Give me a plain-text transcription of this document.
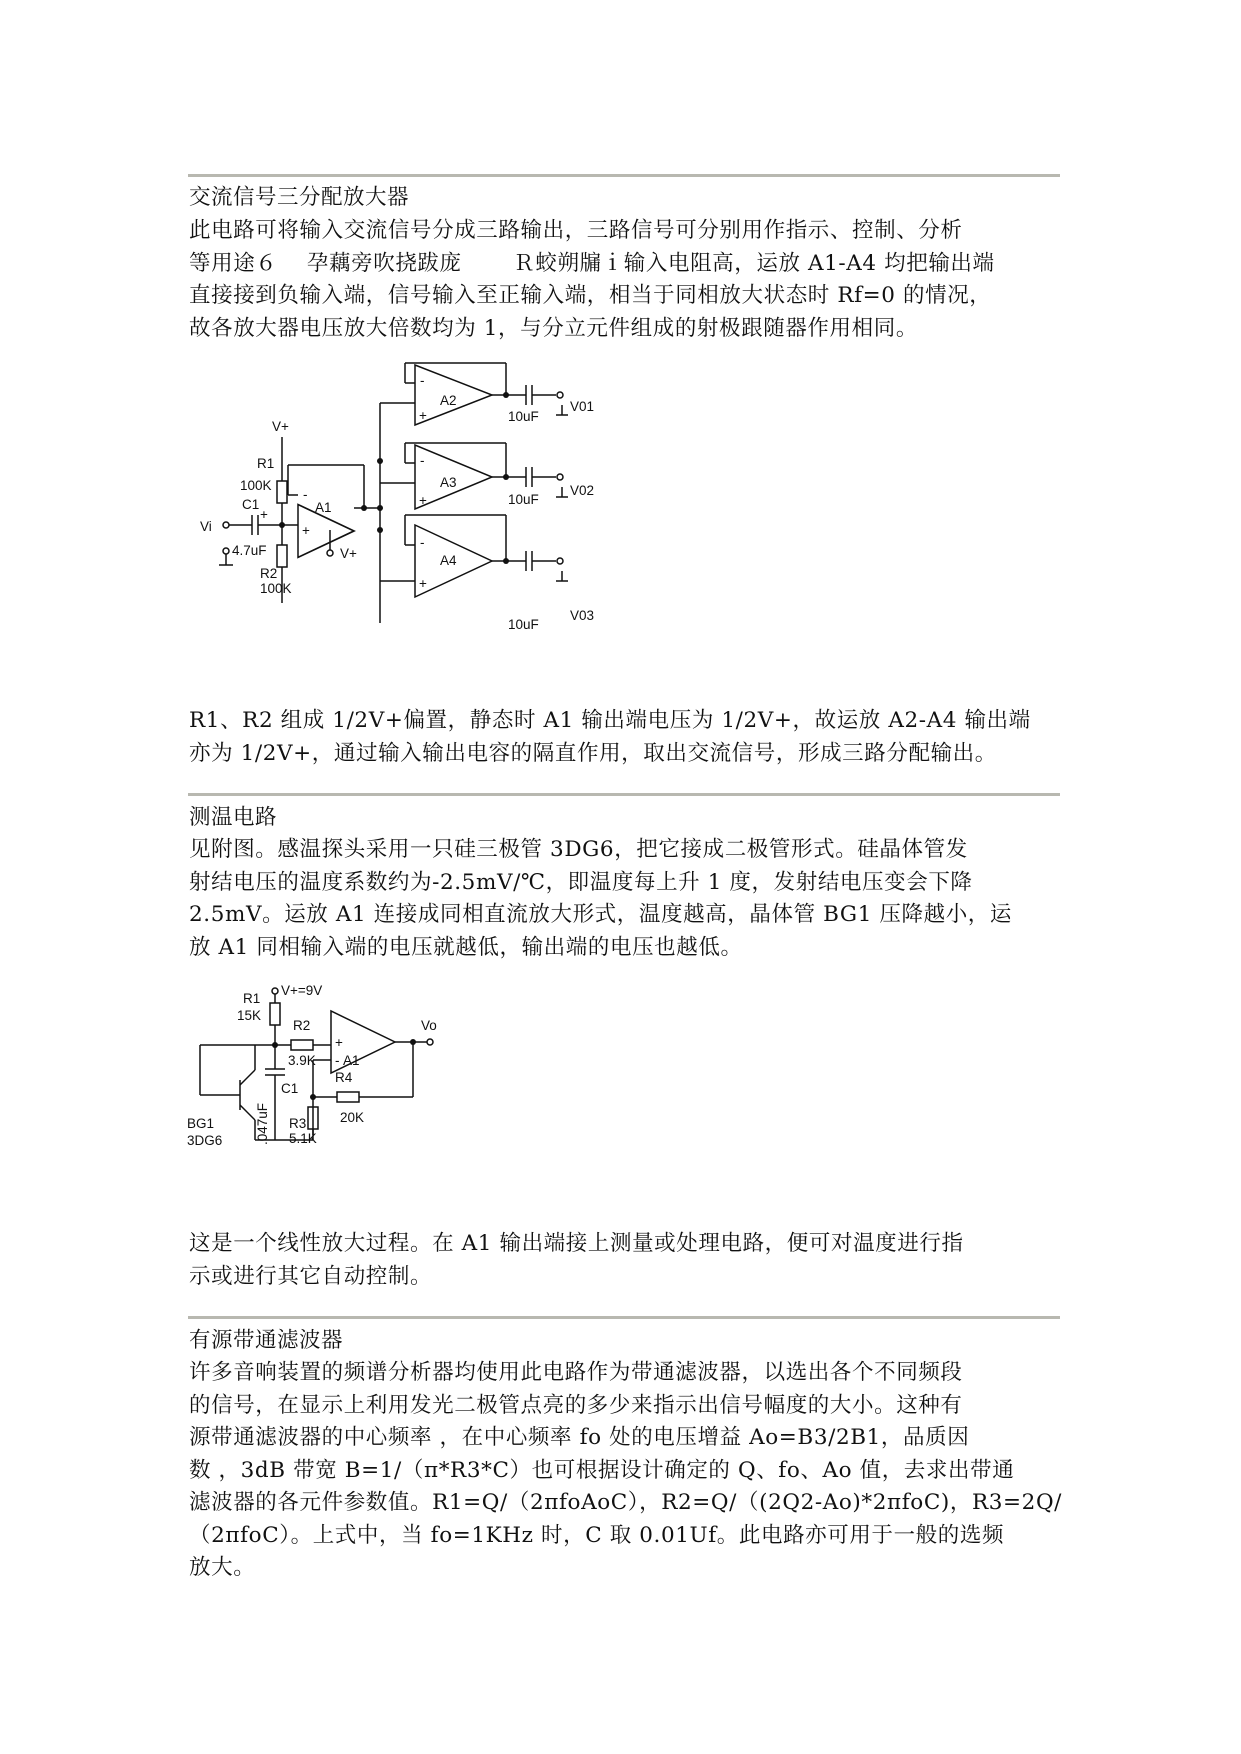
交流信号三分配放大器
此电路可将输入交流信号分成三路输出，三路信号可分别用作指示、控制、分析
等用途６　 孕藕旁吹挠跋庞　　 Ｒ蛟朔牖ｉ输入电阻高，运放 A1-A4 均把输出端
直接接到负输入端，信号输入至正输入端，相当于同相放大状态时 Rf=0 的情况，
故各放大器电压放大倍数均为 1，与分立元件组成的射极跟随器作用相同。
V+
R1
100K
Vi
C1
+
4.7uF
R2
100K
A1
-
+
V+
A2
-
+	10uF
V01
A3
-
+	10uF
V02
A4
-
+
10uF
V03
R1、R2 组成 1/2V+偏置，静态时 A1 输出端电压为 1/2V+，故运放 A2-A4 输出端
亦为 1/2V+，通过输入输出电容的隔直作用，取出交流信号，形成三路分配输出。
测温电路
见附图。感温探头采用一只硅三极管 3DG6，把它接成二极管形式。硅晶体管发
射结电压的温度系数约为-2.5mV/℃，即温度每上升 1 度，发射结电压变会下降
2.5mV。运放 A1 连接成同相直流放大形式，温度越高，晶体管 BG1 压降越小，运
放 A1 同相输入端的电压就越低，输出端的电压也越低。
R1
15K
V+=9V
R2
3.9K A1
-
+
Vo
R4
20K
R3
5.1K
C1
.047uF
BG1
3DG6
这是一个线性放大过程。在 A1 输出端接上测量或处理电路，便可对温度进行指
示或进行其它自动控制。
有源带通滤波器
许多音响装置的频谱分析器均使用此电路作为带通滤波器，以选出各个不同频段
的信号，在显示上利用发光二极管点亮的多少来指示出信号幅度的大小。这种有
源带通滤波器的中心频率 ，在中心频率 fo 处的电压增益 Ao=B3/2B1，品质因
数 ，3dB 带宽 B=1/（π*R3*C）也可根据设计确定的 Q、fo、Ao 值，去求出带通
滤波器的各元件参数值。R1=Q/（2πfoAoC），R2=Q/（(2Q2-Ao)*2πfoC)，R3=2Q/
（2πfoC）。上式中，当 fo=1KHz 时，C 取 0.01Uf。此电路亦可用于一般的选频
放大。
